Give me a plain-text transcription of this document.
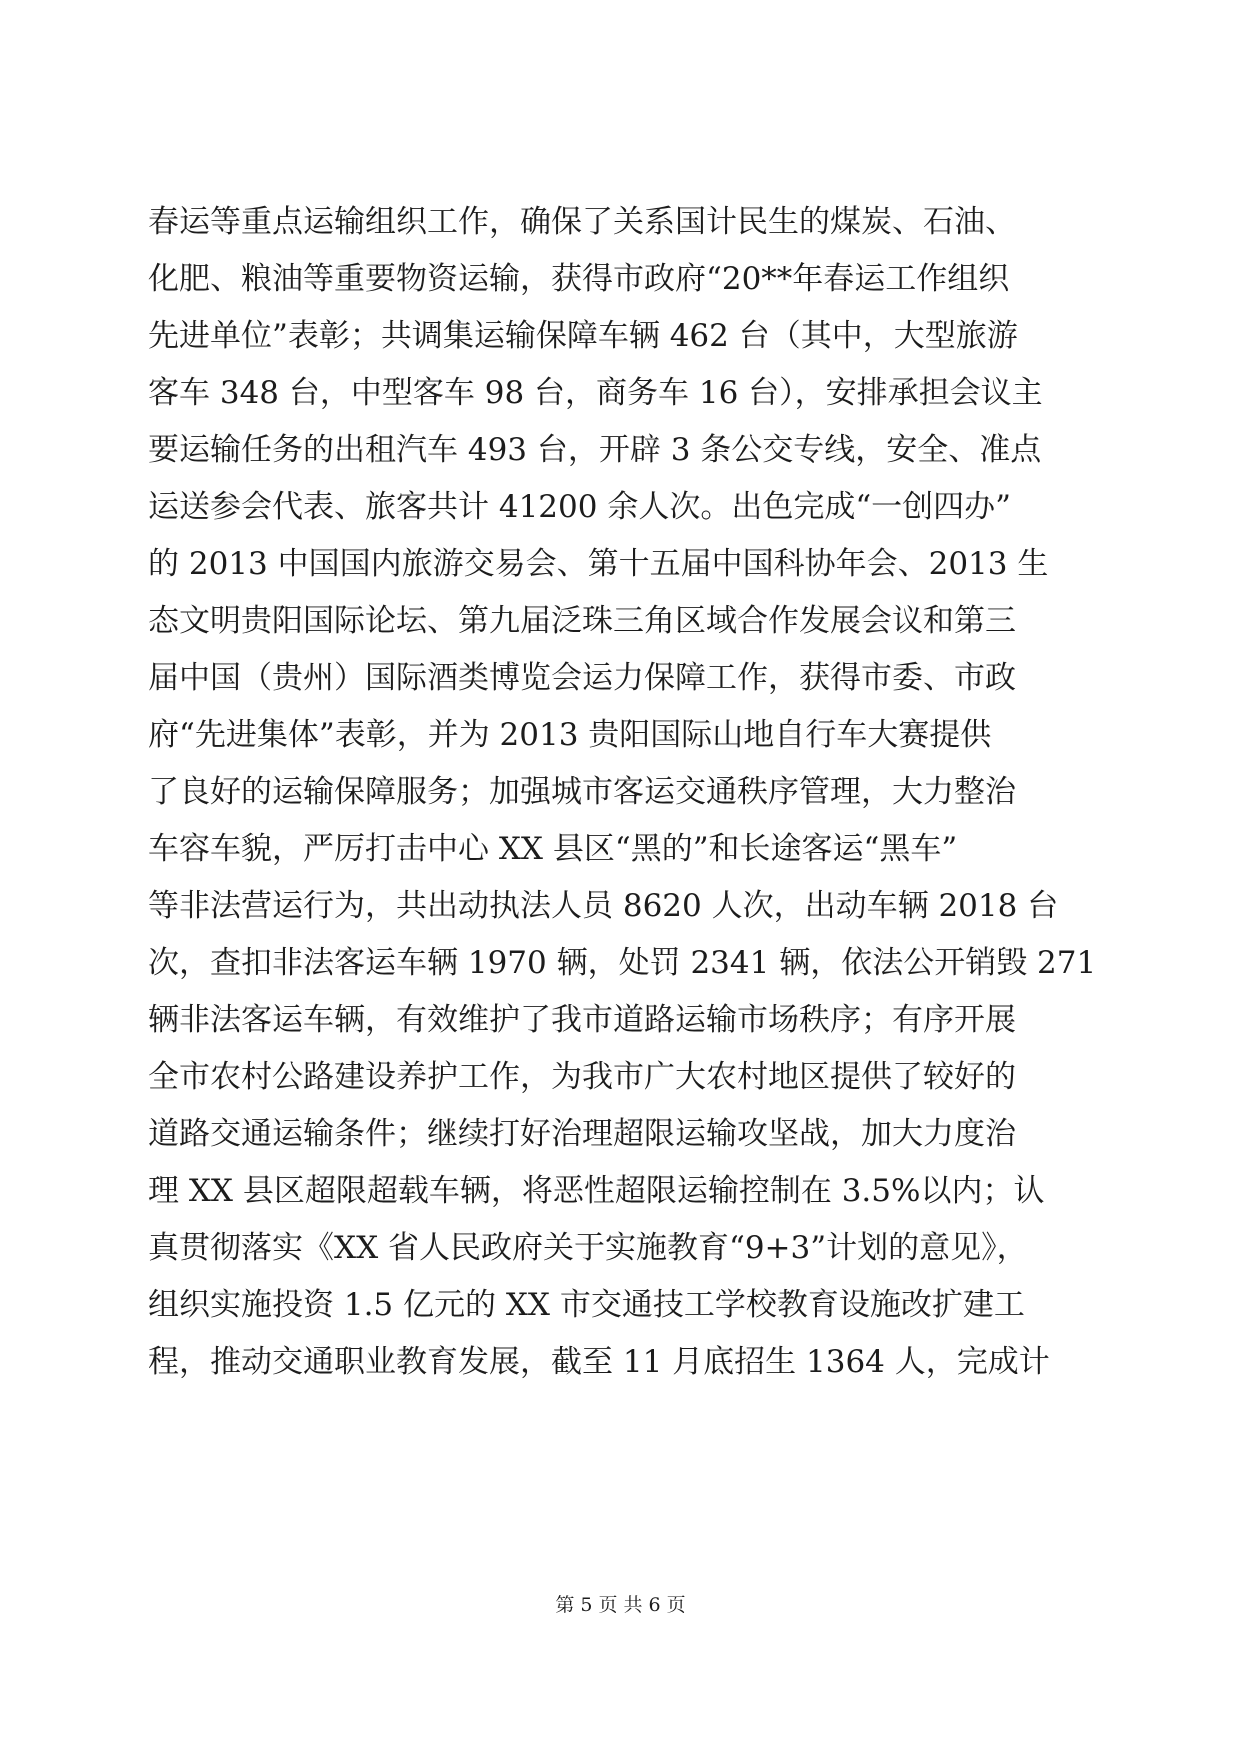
春运等重点运输组织工作，确保了关系国计民生的煤炭、石油、
化肥、粮油等重要物资运输，获得市政府“20**年春运工作组织
先进单位”表彰；共调集运输保障车辆 462 台（其中，大型旅游
客车 348 台，中型客车 98 台，商务车 16 台），安排承担会议主
要运输任务的出租汽车 493 台，开辟 3 条公交专线，安全、准点
运送参会代表、旅客共计 41200 余人次。出色完成“一创四办”
的 2013 中国国内旅游交易会、第十五届中国科协年会、2013 生
态文明贵阳国际论坛、第九届泛珠三角区域合作发展会议和第三
届中国（贵州）国际酒类博览会运力保障工作，获得市委、市政
府“先进集体”表彰，并为 2013 贵阳国际山地自行车大赛提供
了良好的运输保障服务；加强城市客运交通秩序管理，大力整治
车容车貌，严厉打击中心 XX 县区“黑的”和长途客运“黑车”
等非法营运行为，共出动执法人员 8620 人次，出动车辆 2018 台
次，查扣非法客运车辆 1970 辆，处罚 2341 辆，依法公开销毁 271
辆非法客运车辆，有效维护了我市道路运输市场秩序；有序开展
全市农村公路建设养护工作，为我市广大农村地区提供了较好的
道路交通运输条件；继续打好治理超限运输攻坚战，加大力度治
理 XX 县区超限超载车辆，将恶性超限运输控制在 3.5%以内；认
真贯彻落实《XX 省人民政府关于实施教育“9+3”计划的意见》，
组织实施投资 1.5 亿元的 XX 市交通技工学校教育设施改扩建工
程，推动交通职业教育发展，截至 11 月底招生 1364 人，完成计
第 5 页 共 6 页
